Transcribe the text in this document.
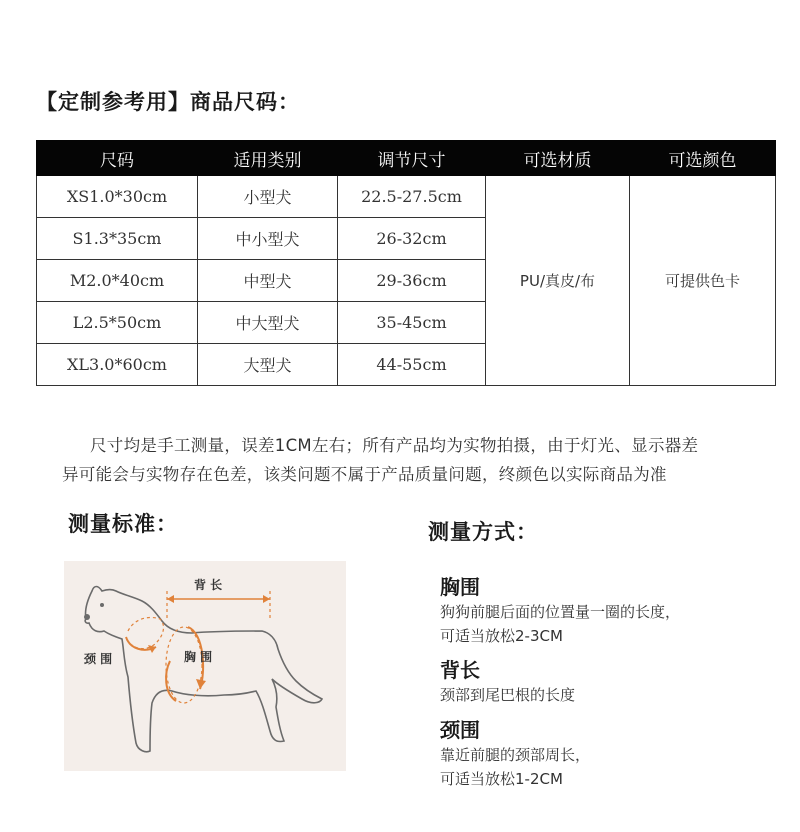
【定制参考用】商品尺码：
尺码	适用类别	调节尺寸	可选材质	可选颜色
XS1.0*30cm	小型犬	22.5-27.5cm	PU/真皮/布	可提供色卡
S1.3*35cm	中小型犬	26-32cm		
M2.0*40cm	中型犬	29-36cm		
L2.5*50cm	中大型犬	35-45cm		
XL3.0*60cm	大型犬	44-55cm		

尺寸均是手工测量，误差1CM左右；所有产品均为实物拍摄，由于灯光、显示器差

异可能会与实物存在色差，该类问题不属于产品质量问题，终颜色以实际商品为准

测量标准：	测量方式：
背 长
颈 围	胸 围
胸围
狗狗前腿后面的位置量一圈的长度，
可适当放松2-3CM
背长
颈部到尾巴根的长度
颈围
靠近前腿的颈部周长，
可适当放松1-2CM
